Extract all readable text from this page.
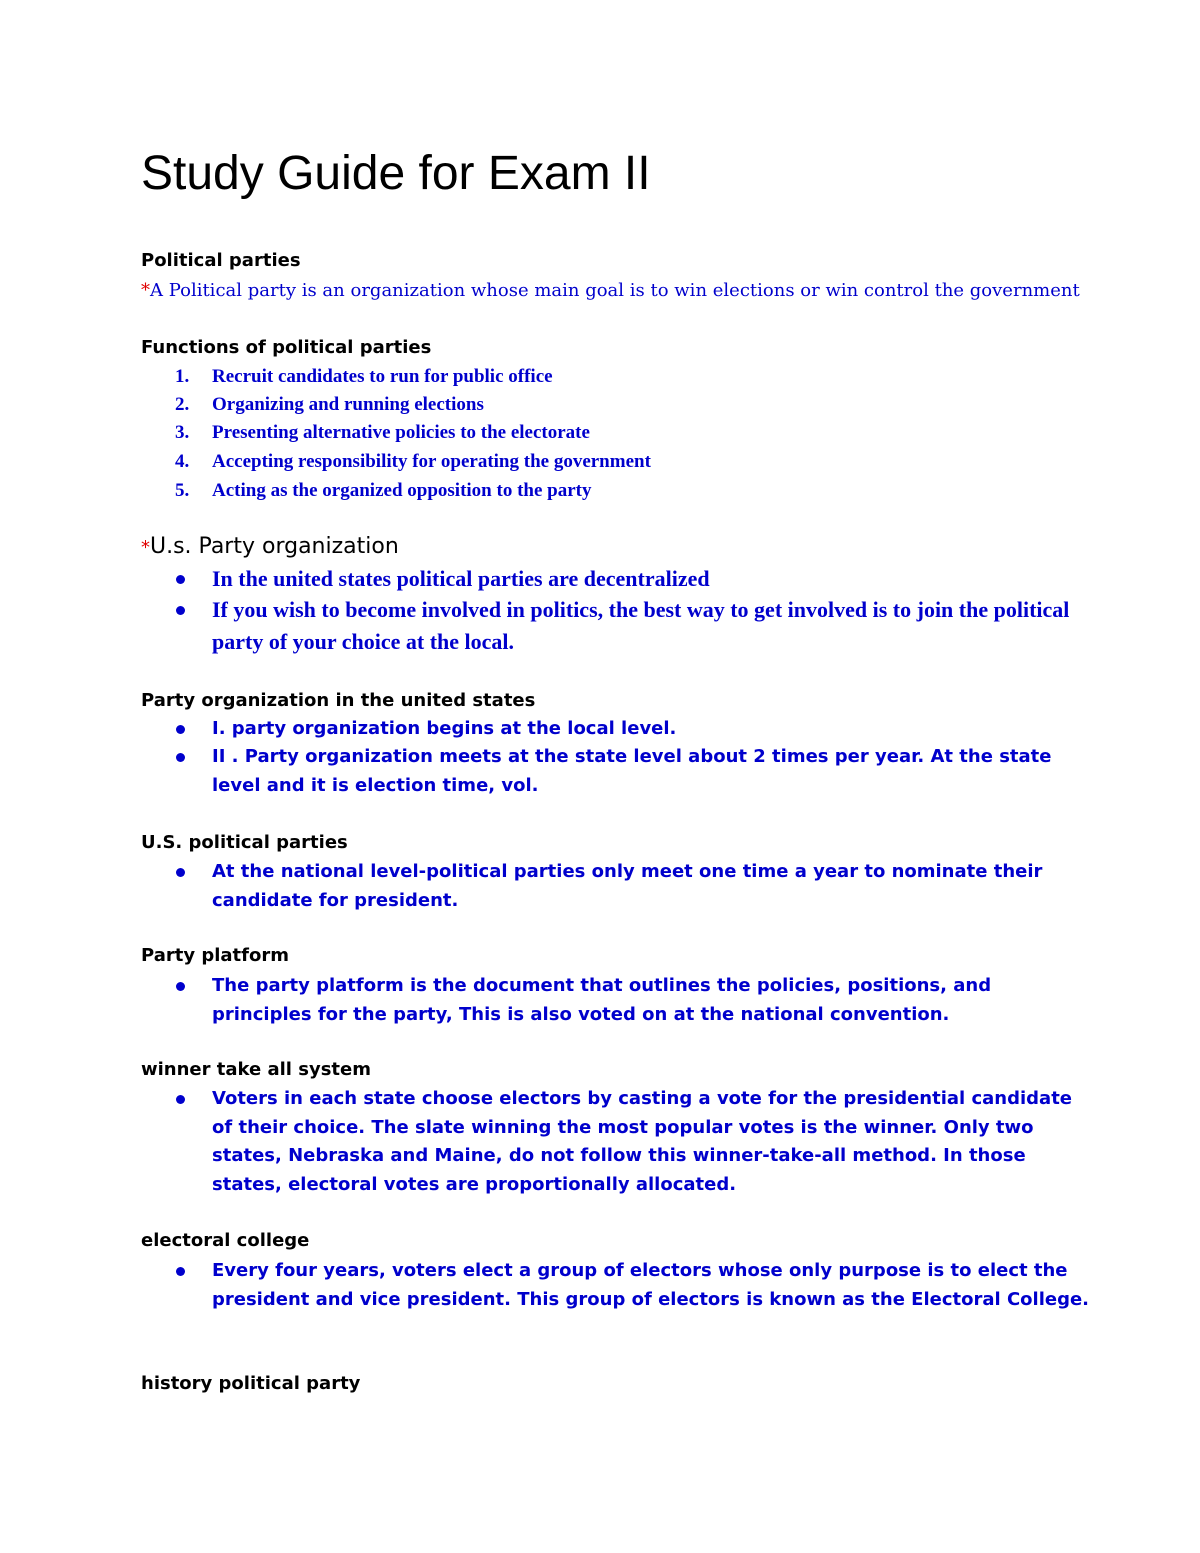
Study Guide for Exam II
Political parties
*A Political party is an organization whose main goal is to win elections or win control the government
Functions of political parties
1.	Recruit candidates to run for public office
2.	Organizing and running elections
3.	Presenting alternative policies to the electorate
4.	Accepting responsibility for operating the government
5.	Acting as the organized opposition to the party
*U.s. Party organization
In the united states political parties are decentralized
If you wish to become involved in politics, the best way to get involved is to join the political party of your choice at the local.
Party organization in the united states
I. party organization begins at the local level.
II . Party organization meets at the state level about 2 times per year. At the state level and it is election time, vol.
U.S. political parties
At the national level-political parties only meet one time a year to nominate their candidate for president.
Party platform
The party platform is the document that outlines the policies, positions, and principles for the party, This is also voted on at the national convention.
winner take all system
Voters in each state choose electors by casting a vote for the presidential candidate of their choice. The slate winning the most popular votes is the winner. Only two states, Nebraska and Maine, do not follow this winner-take-all method. In those states, electoral votes are proportionally allocated.
electoral college
Every four years, voters elect a group of electors whose only purpose is to elect the president and vice president. This group of electors is known as the Electoral College.
history political party
